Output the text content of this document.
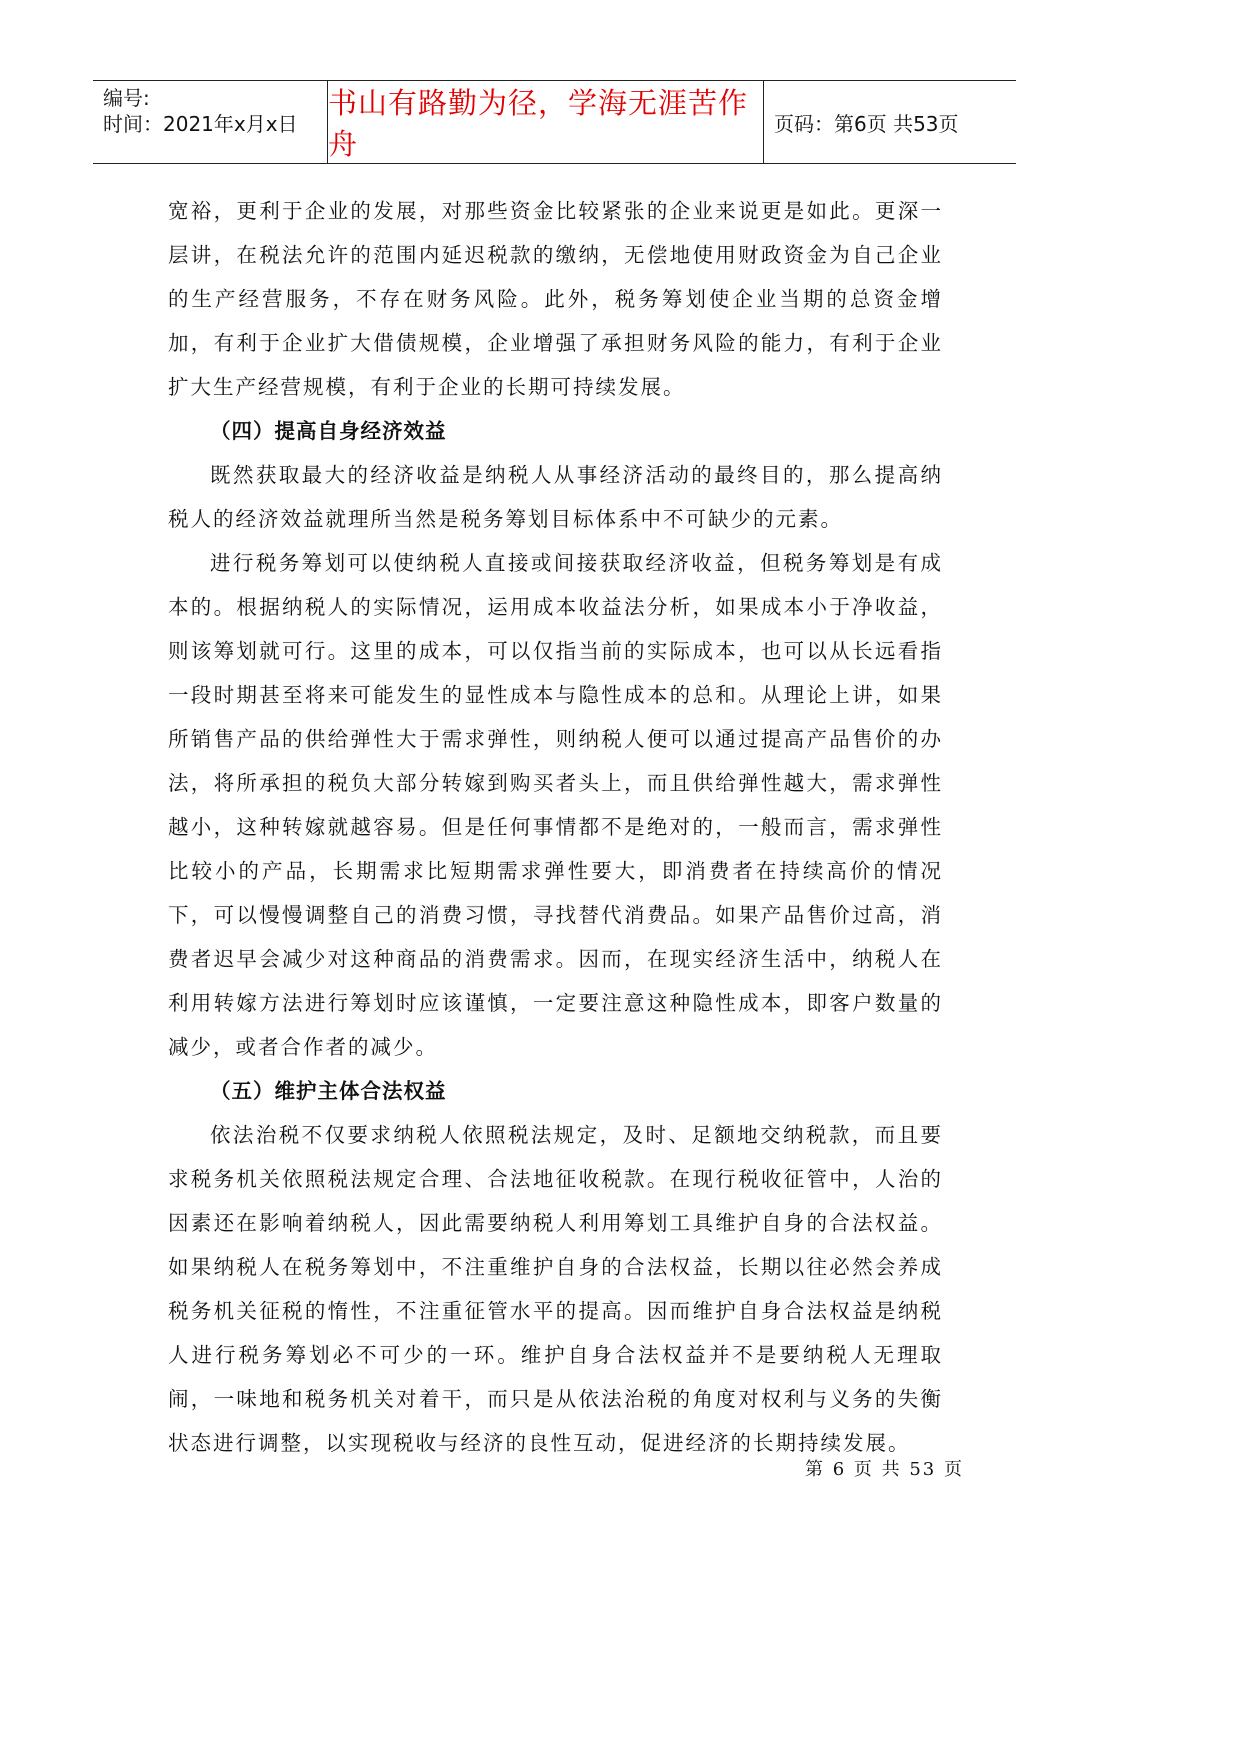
编号:
时间：2021年x月x日
书山有路勤为径，学海无涯苦作舟
页码：第6页 共53页

宽裕，更利于企业的发展，对那些资金比较紧张的企业来说更是如此。更深一层讲，在税法允许的范围内延迟税款的缴纳，无偿地使用财政资金为自己企业的生产经营服务，不存在财务风险。此外，税务筹划使企业当期的总资金增加，有利于企业扩大借债规模，企业增强了承担财务风险的能力，有利于企业扩大生产经营规模，有利于企业的长期可持续发展。

（四）提高自身经济效益

既然获取最大的经济收益是纳税人从事经济活动的最终目的，那么提高纳税人的经济效益就理所当然是税务筹划目标体系中不可缺少的元素。

进行税务筹划可以使纳税人直接或间接获取经济收益，但税务筹划是有成本的。根据纳税人的实际情况，运用成本收益法分析，如果成本小于净收益，则该筹划就可行。这里的成本，可以仅指当前的实际成本，也可以从长远看指一段时期甚至将来可能发生的显性成本与隐性成本的总和。从理论上讲，如果所销售产品的供给弹性大于需求弹性，则纳税人便可以通过提高产品售价的办法，将所承担的税负大部分转嫁到购买者头上，而且供给弹性越大，需求弹性越小，这种转嫁就越容易。但是任何事情都不是绝对的，一般而言，需求弹性比较小的产品，长期需求比短期需求弹性要大，即消费者在持续高价的情况下，可以慢慢调整自己的消费习惯，寻找替代消费品。如果产品售价过高，消费者迟早会减少对这种商品的消费需求。因而，在现实经济生活中，纳税人在利用转嫁方法进行筹划时应该谨慎，一定要注意这种隐性成本，即客户数量的减少，或者合作者的减少。

（五）维护主体合法权益

依法治税不仅要求纳税人依照税法规定，及时、足额地交纳税款，而且要求税务机关依照税法规定合理、合法地征收税款。在现行税收征管中，人治的因素还在影响着纳税人，因此需要纳税人利用筹划工具维护自身的合法权益。如果纳税人在税务筹划中，不注重维护自身的合法权益，长期以往必然会养成税务机关征税的惰性，不注重征管水平的提高。因而维护自身合法权益是纳税人进行税务筹划必不可少的一环。维护自身合法权益并不是要纳税人无理取闹，一味地和税务机关对着干，而只是从依法治税的角度对权利与义务的失衡状态进行调整，以实现税收与经济的良性互动，促进经济的长期持续发展。

第 6 页 共 53 页
